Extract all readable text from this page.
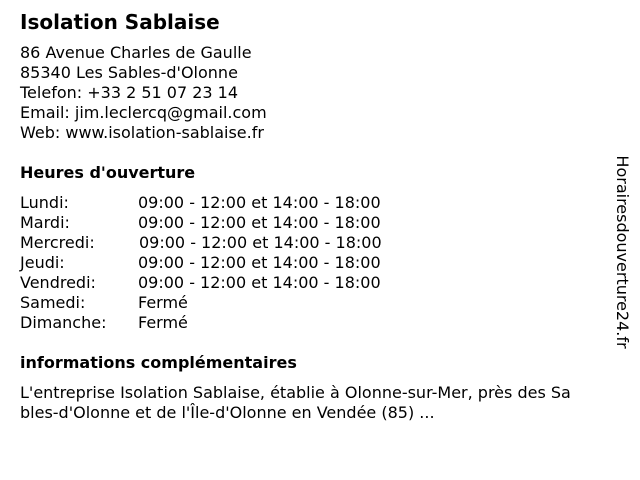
Isolation Sablaise
86 Avenue Charles de Gaulle
85340 Les Sables-d'Olonne
Telefon: +33 2 51 07 23 14
Email: jim.leclercq@gmail.com
Web: www.isolation-sablaise.fr
Heures d'ouverture
Lundi:	09:00 - 12:00 et 14:00 - 18:00
Mardi:	09:00 - 12:00 et 14:00 - 18:00
Mercredi:	09:00 - 12:00 et 14:00 - 18:00
Jeudi:	09:00 - 12:00 et 14:00 - 18:00
Vendredi:	09:00 - 12:00 et 14:00 - 18:00
Samedi:	Fermé
Dimanche:	Fermé
informations complémentaires
L'entreprise Isolation Sablaise, établie à Olonne-sur-Mer, près des Sables-d'Olonne et de l'Île-d'Olonne en Vendée (85) ...
Horairesdouverture24.fr
